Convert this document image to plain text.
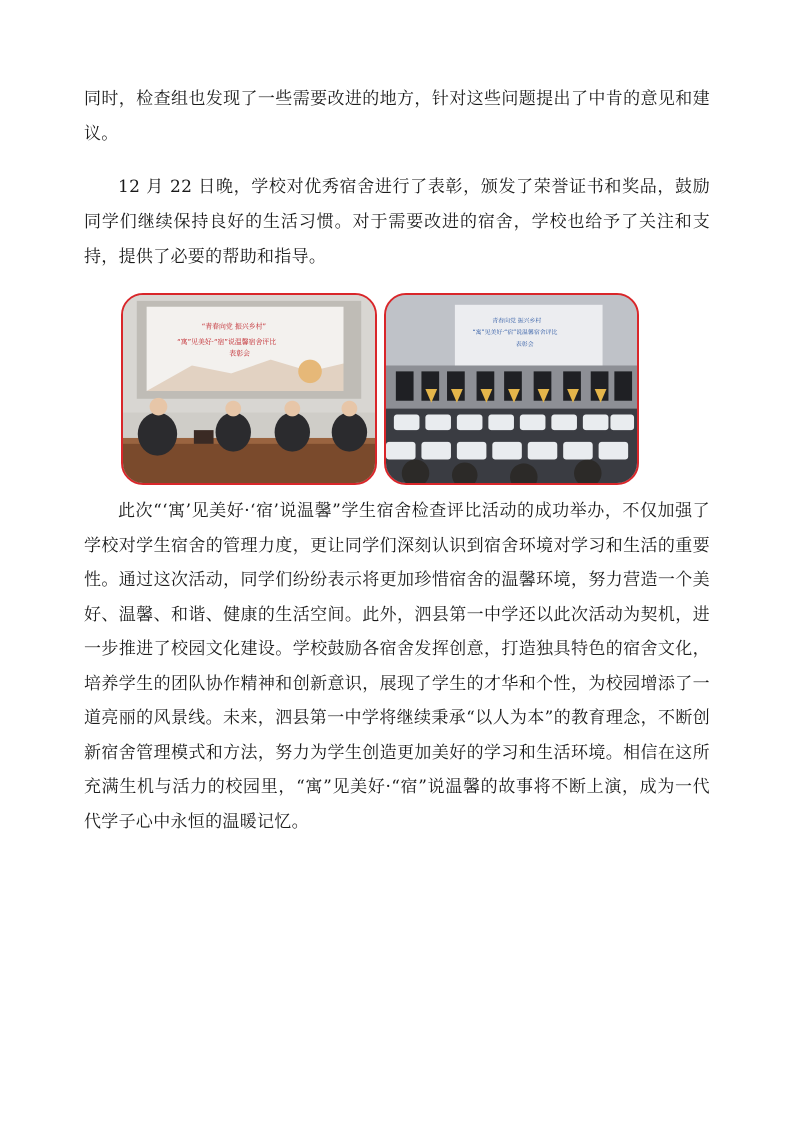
同时，检查组也发现了一些需要改进的地方，针对这些问题提出了中肯的意见和建议。

12 月 22 日晚，学校对优秀宿舍进行了表彰，颁发了荣誉证书和奖品，鼓励同学们继续保持良好的生活习惯。对于需要改进的宿舍，学校也给予了关注和支持，提供了必要的帮助和指导。

“青春向党 振兴乡村”
“寓”见美好·“宿”说温馨宿舍评比
表彰会
青春向党 振兴乡村
“寓”见美好·“宿”说温馨宿舍评比
表彰会

此次“‘寓’见美好·‘宿’说温馨”学生宿舍检查评比活动的成功举办，不仅加强了学校对学生宿舍的管理力度，更让同学们深刻认识到宿舍环境对学习和生活的重要性。通过这次活动，同学们纷纷表示将更加珍惜宿舍的温馨环境，努力营造一个美好、温馨、和谐、健康的生活空间。此外，泗县第一中学还以此次活动为契机，进一步推进了校园文化建设。学校鼓励各宿舍发挥创意，打造独具特色的宿舍文化，培养学生的团队协作精神和创新意识，展现了学生的才华和个性，为校园增添了一道亮丽的风景线。未来，泗县第一中学将继续秉承“以人为本”的教育理念，不断创新宿舍管理模式和方法，努力为学生创造更加美好的学习和生活环境。相信在这所充满生机与活力的校园里，“寓”见美好·“宿”说温馨的故事将不断上演，成为一代代学子心中永恒的温暖记忆。
